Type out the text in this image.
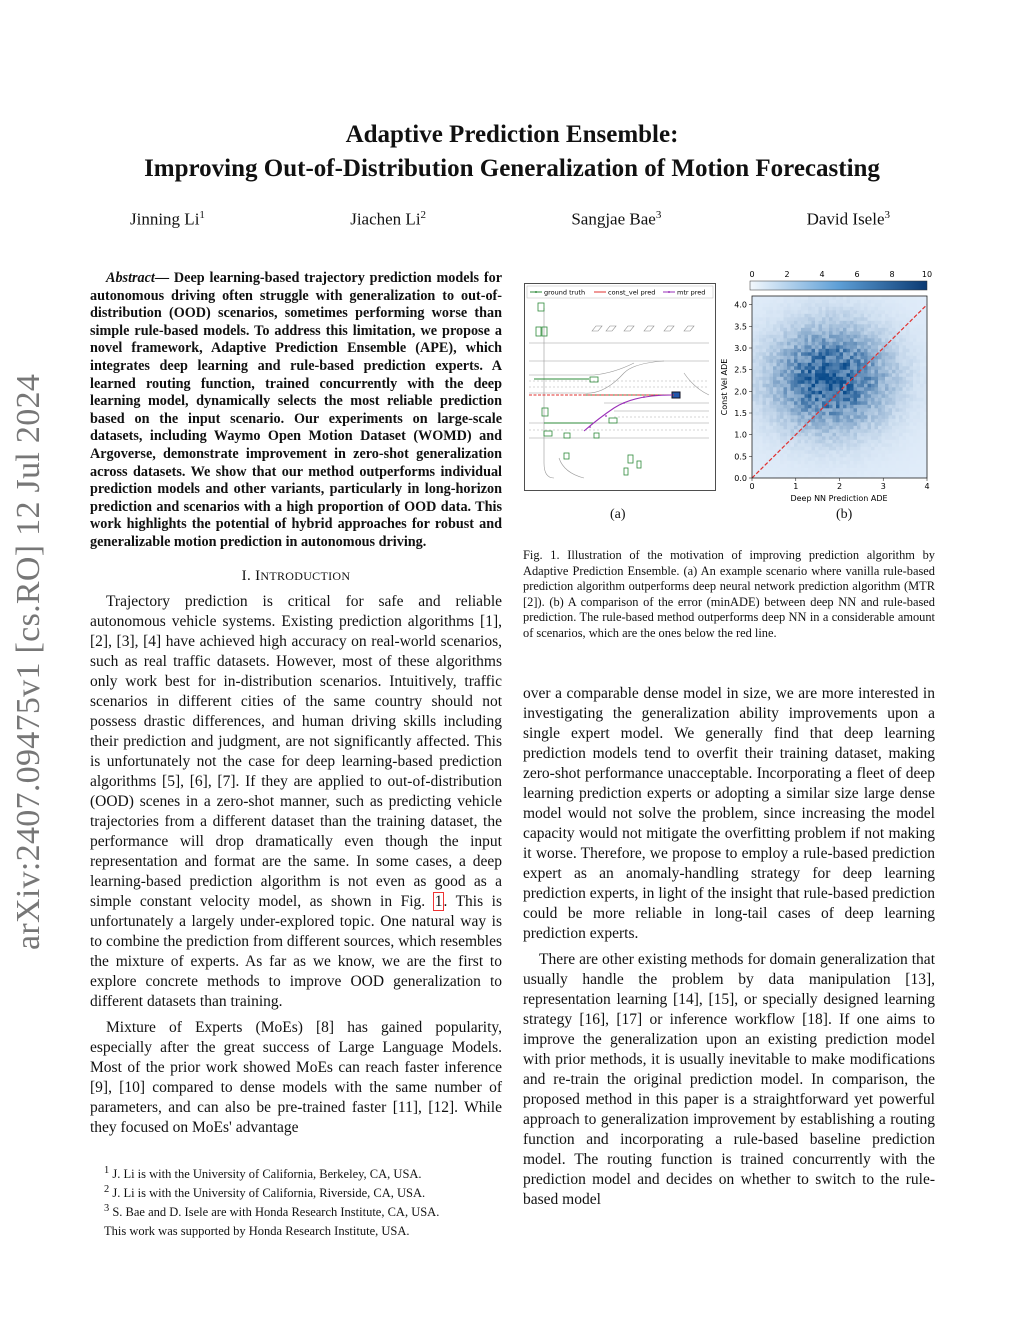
Adaptive Prediction Ensemble:
Improving Out-of-Distribution Generalization of Motion Forecasting
Jinning Li$^1$	Jiachen Li$^2$	Sangjae Bae$^3$	David Isele$^3$
arXiv:2407.09475v1 [cs.RO] 12 Jul 2024

Abstract— Deep learning-based trajectory prediction models for autonomous driving often struggle with generalization to out-of-distribution (OOD) scenarios, sometimes performing worse than simple rule-based models. To address this limitation, we propose a novel framework, Adaptive Prediction Ensemble (APE), which integrates deep learning and rule-based prediction experts. A learned routing function, trained concurrently with the deep learning model, dynamically selects the most reliable prediction based on the input scenario. Our experiments on large-scale datasets, including Waymo Open Motion Dataset (WOMD) and Argoverse, demonstrate improvement in zero-shot generalization across datasets. We show that our method outperforms individual prediction models and other variants, particularly in long-horizon prediction and scenarios with a high proportion of OOD data. This work highlights the potential of hybrid approaches for robust and generalizable motion prediction in autonomous driving.

I. INTRODUCTION

Trajectory prediction is critical for safe and reliable autonomous vehicle systems. Existing prediction algorithms [1], [2], [3], [4] have achieved high accuracy on real-world scenarios, such as real traffic datasets. However, most of these algorithms only work best for in-distribution scenarios. Intuitively, traffic scenarios in different cities of the same country should not possess drastic differences, and human driving skills including their prediction and judgment, are not significantly affected. This is unfortunately not the case for deep learning-based prediction algorithms [5], [6], [7]. If they are applied to out-of-distribution (OOD) scenes in a zero-shot manner, such as predicting vehicle trajectories from a different dataset than the training dataset, the performance will drop dramatically even though the input representation and format are the same. In some cases, a deep learning-based prediction algorithm is not even as good as a simple constant velocity model, as shown in Fig. 1. This is unfortunately a largely under-explored topic. One natural way is to combine the prediction from different sources, which resembles the mixture of experts. As far as we know, we are the first to explore concrete methods to improve OOD generalization to different datasets than training.

Mixture of Experts (MoEs) [8] has gained popularity, especially after the great success of Large Language Models. Most of the prior work showed MoEs can reach faster inference [9], [10] compared to dense models with the same number of parameters, and can also be pre-trained faster [11], [12]. While they focused on MoEs' advantage

$^1$ J. Li is with the University of California, Berkeley, CA, USA.
$^2$ J. Li is with the University of California, Riverside, CA, USA.
$^3$ S. Bae and D. Isele are with Honda Research Institute, CA, USA.
This work was supported by Honda Research Institute, USA.
ground truth	const_vel pred	mtr pred
0	2	4	6	8	10
0	1	2	3	4
0.0
0.5
1.0
1.5
2.0
2.5
3.0
3.5
4.0
Deep NN Prediction ADE
Const Vel ADE
(a)	(b)
Fig. 1. Illustration of the motivation of improving prediction algorithm by Adaptive Prediction Ensemble. (a) An example scenario where vanilla rule-based prediction algorithm outperforms deep neural network prediction algorithm (MTR [2]). (b) A comparison of the error (minADE) between deep NN and rule-based prediction. The rule-based method outperforms deep NN in a considerable amount of scenarios, which are the ones below the red line.

over a comparable dense model in size, we are more interested in investigating the generalization ability improvements upon a single expert model. We generally find that deep learning prediction models tend to overfit their training dataset, making zero-shot performance unacceptable. Incorporating a fleet of deep learning prediction experts or adopting a similar size large dense model would not solve the problem, since increasing the model capacity would not mitigate the overfitting problem if not making it worse. Therefore, we propose to employ a rule-based prediction expert as an anomaly-handling strategy for deep learning prediction experts, in light of the insight that rule-based prediction could be more reliable in long-tail cases of deep learning prediction experts.

There are other existing methods for domain generalization that usually handle the problem by data manipulation [13], representation learning [14], [15], or specially designed learning strategy [16], [17] or inference workflow [18]. If one aims to improve the generalization upon an existing prediction model with prior methods, it is usually inevitable to make modifications and re-train the original prediction model. In comparison, the proposed method in this paper is a straightforward yet powerful approach to generalization improvement by establishing a routing function and incorporating a rule-based baseline prediction model. The routing function is trained concurrently with the prediction model and decides on whether to switch to the rule-based model
